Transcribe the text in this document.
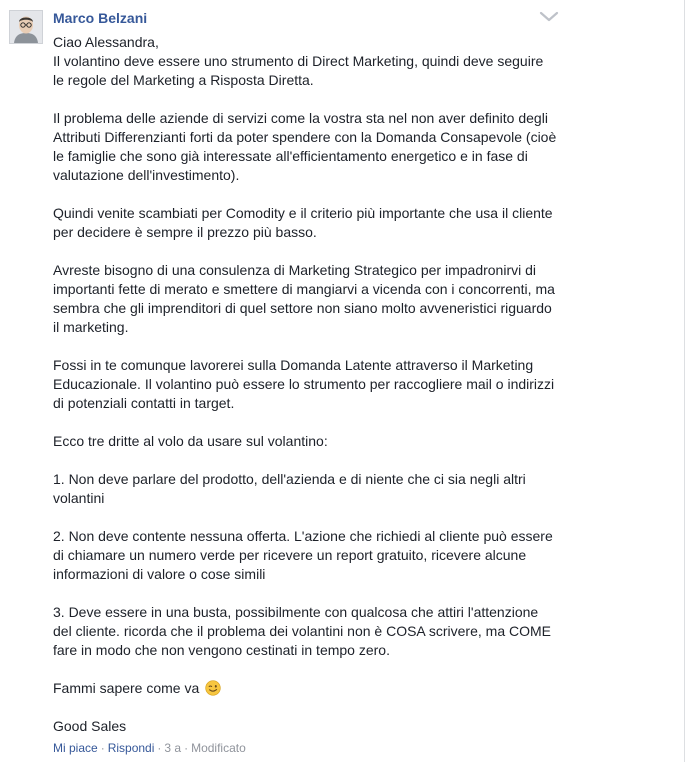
Marco Belzani

Ciao Alessandra,
Il volantino deve essere uno strumento di Direct Marketing, quindi deve seguire
le regole del Marketing a Risposta Diretta.

Il problema delle aziende di servizi come la vostra sta nel non aver definito degli
Attributi Differenzianti forti da poter spendere con la Domanda Consapevole (cioè
le famiglie che sono già interessate all'efficientamento energetico e in fase di
valutazione dell'investimento).

Quindi venite scambiati per Comodity e il criterio più importante che usa il cliente
per decidere è sempre il prezzo più basso.

Avreste bisogno di una consulenza di Marketing Strategico per impadronirvi di
importanti fette di merato e smettere di mangiarvi a vicenda con i concorrenti, ma
sembra che gli imprenditori di quel settore non siano molto avveneristici riguardo
il marketing.

Fossi in te comunque lavorerei sulla Domanda Latente attraverso il Marketing
Educazionale. Il volantino può essere lo strumento per raccogliere mail o indirizzi
di potenziali contatti in target.

Ecco tre dritte al volo da usare sul volantino:

1. Non deve parlare del prodotto, dell'azienda e di niente che ci sia negli altri
volantini

2. Non deve contente nessuna offerta. L'azione che richiedi al cliente può essere
di chiamare un numero verde per ricevere un report gratuito, ricevere alcune
informazioni di valore o cose simili

3. Deve essere in una busta, possibilmente con qualcosa che attiri l'attenzione
del cliente. ricorda che il problema dei volantini non è COSA scrivere, ma COME
fare in modo che non vengono cestinati in tempo zero.

Fammi sapere come va

Good Sales

Mi piace · Rispondi · 3 a · Modificato
